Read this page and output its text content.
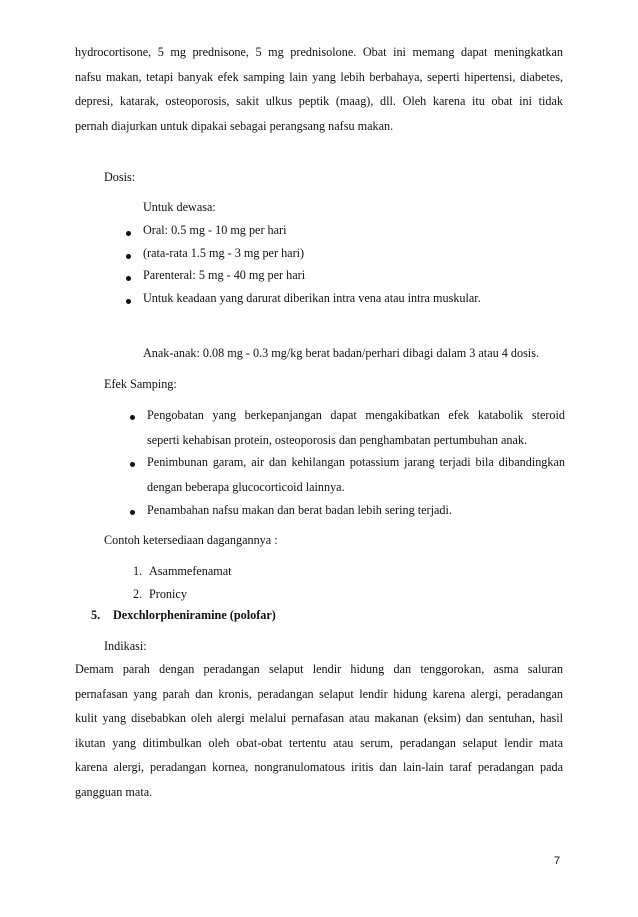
hydrocortisone, 5 mg prednisone, 5 mg prednisolone. Obat ini memang dapat meningkatkan
nafsu makan, tetapi banyak efek samping lain yang lebih berbahaya, seperti hipertensi, diabetes,
depresi, katarak, osteoporosis, sakit ulkus peptik (maag), dll. Oleh karena itu obat ini tidak
pernah diajurkan untuk dipakai sebagai perangsang nafsu makan.
Dosis:
Untuk dewasa:
Oral: 0.5 mg - 10 mg per hari
(rata-rata 1.5 mg - 3 mg per hari)
Parenteral: 5 mg - 40 mg per hari
Untuk keadaan yang darurat diberikan intra vena atau intra muskular.
Anak-anak: 0.08 mg - 0.3 mg/kg berat badan/perhari dibagi dalam 3 atau 4 dosis.
Efek Samping:
Pengobatan yang berkepanjangan dapat mengakibatkan efek katabolik steroid
seperti kehabisan protein, osteoporosis dan penghambatan pertumbuhan anak.
Penimbunan garam, air dan kehilangan potassium jarang terjadi bila dibandingkan
dengan beberapa glucocorticoid lainnya.
Penambahan nafsu makan dan berat badan lebih sering terjadi.
Contoh ketersediaan dagangannya :
1. Asammefenamat
2. Pronicy
5. Dexchlorpheniramine (polofar)
Indikasi:
Demam parah dengan peradangan selaput lendir hidung dan tenggorokan, asma saluran
pernafasan yang parah dan kronis, peradangan selaput lendir hidung karena alergi, peradangan
kulit yang disebabkan oleh alergi melalui pernafasan atau makanan (eksim) dan sentuhan, hasil
ikutan yang ditimbulkan oleh obat-obat tertentu atau serum, peradangan selaput lendir mata
karena alergi, peradangan kornea, nongranulomatous iritis dan lain-lain taraf peradangan pada
gangguan mata.
7
